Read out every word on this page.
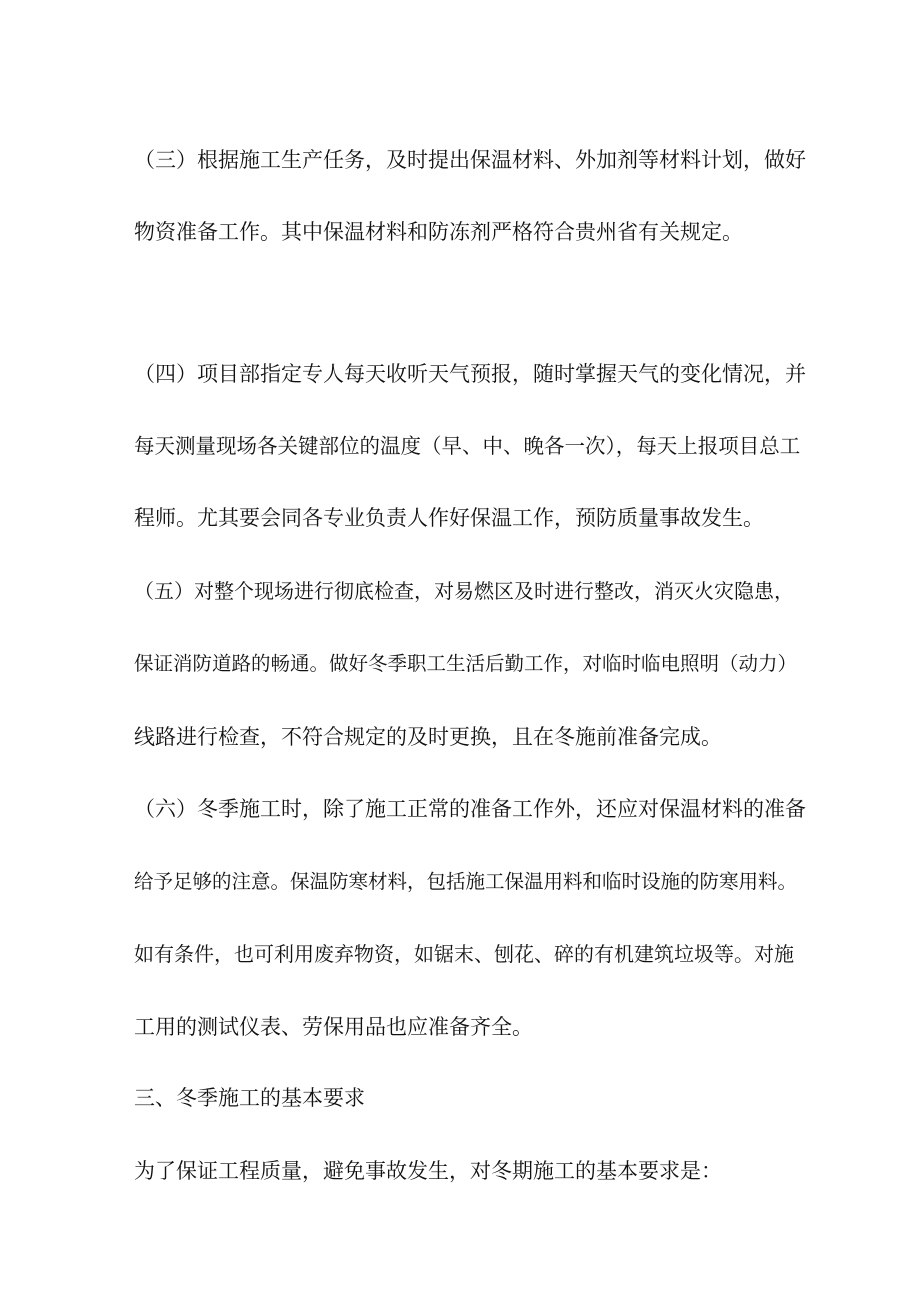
（三）根据施工生产任务，及时提出保温材料、外加剂等材料计划，做好
物资准备工作。其中保温材料和防冻剂严格符合贵州省有关规定。
（四）项目部指定专人每天收听天气预报，随时掌握天气的变化情况，并
每天测量现场各关键部位的温度（早、中、晚各一次），每天上报项目总工
程师。尤其要会同各专业负责人作好保温工作，预防质量事故发生。
（五）对整个现场进行彻底检查，对易燃区及时进行整改，消灭火灾隐患，
保证消防道路的畅通。做好冬季职工生活后勤工作，对临时临电照明（动力）
线路进行检查，不符合规定的及时更换，且在冬施前准备完成。
（六）冬季施工时，除了施工正常的准备工作外，还应对保温材料的准备
给予足够的注意。保温防寒材料，包括施工保温用料和临时设施的防寒用料。
如有条件，也可利用废弃物资，如锯末、刨花、碎的有机建筑垃圾等。对施
工用的测试仪表、劳保用品也应准备齐全。
三、冬季施工的基本要求
为了保证工程质量，避免事故发生，对冬期施工的基本要求是：
